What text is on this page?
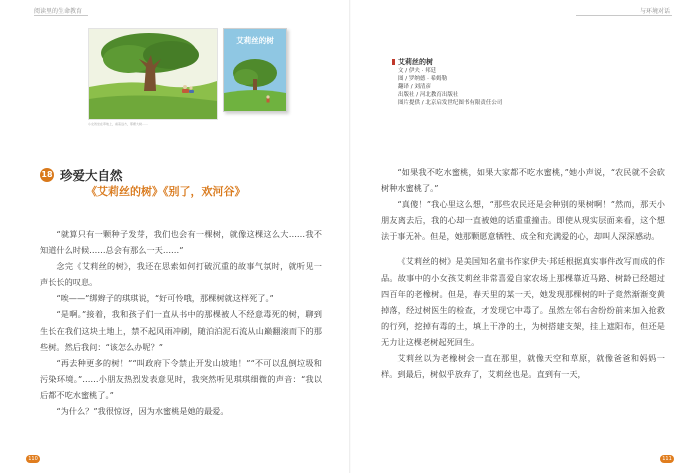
阅读里的生命教育	与环境对话
小女孩坐在草地上，看着远方，那棵大树……
艾莉丝的树
艾莉丝的树
文 / 伊夫 · 邦廷
图 / 罗纳德 · 希姆勒
翻译 / 刘清彦
出版社 / 河北教育出版社
图片提供 / 北京启发世纪图书有限责任公司
18 珍爱大自然
《艾莉丝的树》《别了，欢河谷》

“就算只有一颗种子发芽，我们也会有一棵树，就像这棵这么大……我不知道什么时候……总会有那么一天……”

念完《艾莉丝的树》，我还在思索如何打破沉重的故事气氛时，就听见一声长长的叹息。

“唉——”绑辫子的琪琪说，“好可怜哦，那棵树就这样死了。”

“是啊。”接着，我和孩子们一直从书中的那棵被人不经意毒死的树，聊到生长在我们这块土地上，禁不起风雨冲刷，随泊泊泥石流从山巅翻滚而下的那些树。然后我问：“该怎么办呢？”

“再去种更多的树！”“叫政府下令禁止开发山坡地！”“不可以乱倒垃圾和污染环境。”……小朋友热烈发表意见时，我突然听见琪琪细微的声音：“我以后都不吃水蜜桃了。”

“为什么？”我很惊讶，因为水蜜桃是她的最爱。

“如果我不吃水蜜桃，如果大家都不吃水蜜桃，”她小声说，“农民就不会砍树种水蜜桃了。”

“真傻！”我心里这么想，“那些农民还是会种别的果树啊！”然而，那天小朋友离去后，我的心却一直被她的话重重撞击。即使从现实层面来看，这个想法于事无补。但是，她那颗愿意牺牲、成全和充满爱的心，却叫人深深感动。

《艾莉丝的树》是美国知名童书作家伊夫·邦廷根据真实事件改写而成的作品。故事中的小女孩艾莉丝非常喜爱自家农场上那棵靠近马路、树龄已经超过四百年的老橡树。但是，春天里的某一天，她发现那棵树的叶子竟然渐渐变黄掉落，经过树医生的检查，才发现它中毒了。虽然左邻右舍纷纷前来加入抢救的行列，挖掉有毒的土，填上干净的土，为树搭建支架，挂上遮阳布，但还是无力让这棵老树起死回生。

艾莉丝以为老橡树会一直在那里，就像天空和草原，就像爸爸和妈妈一样。到最后，树似乎放弃了，艾莉丝也是。直到有一天，

110	111
